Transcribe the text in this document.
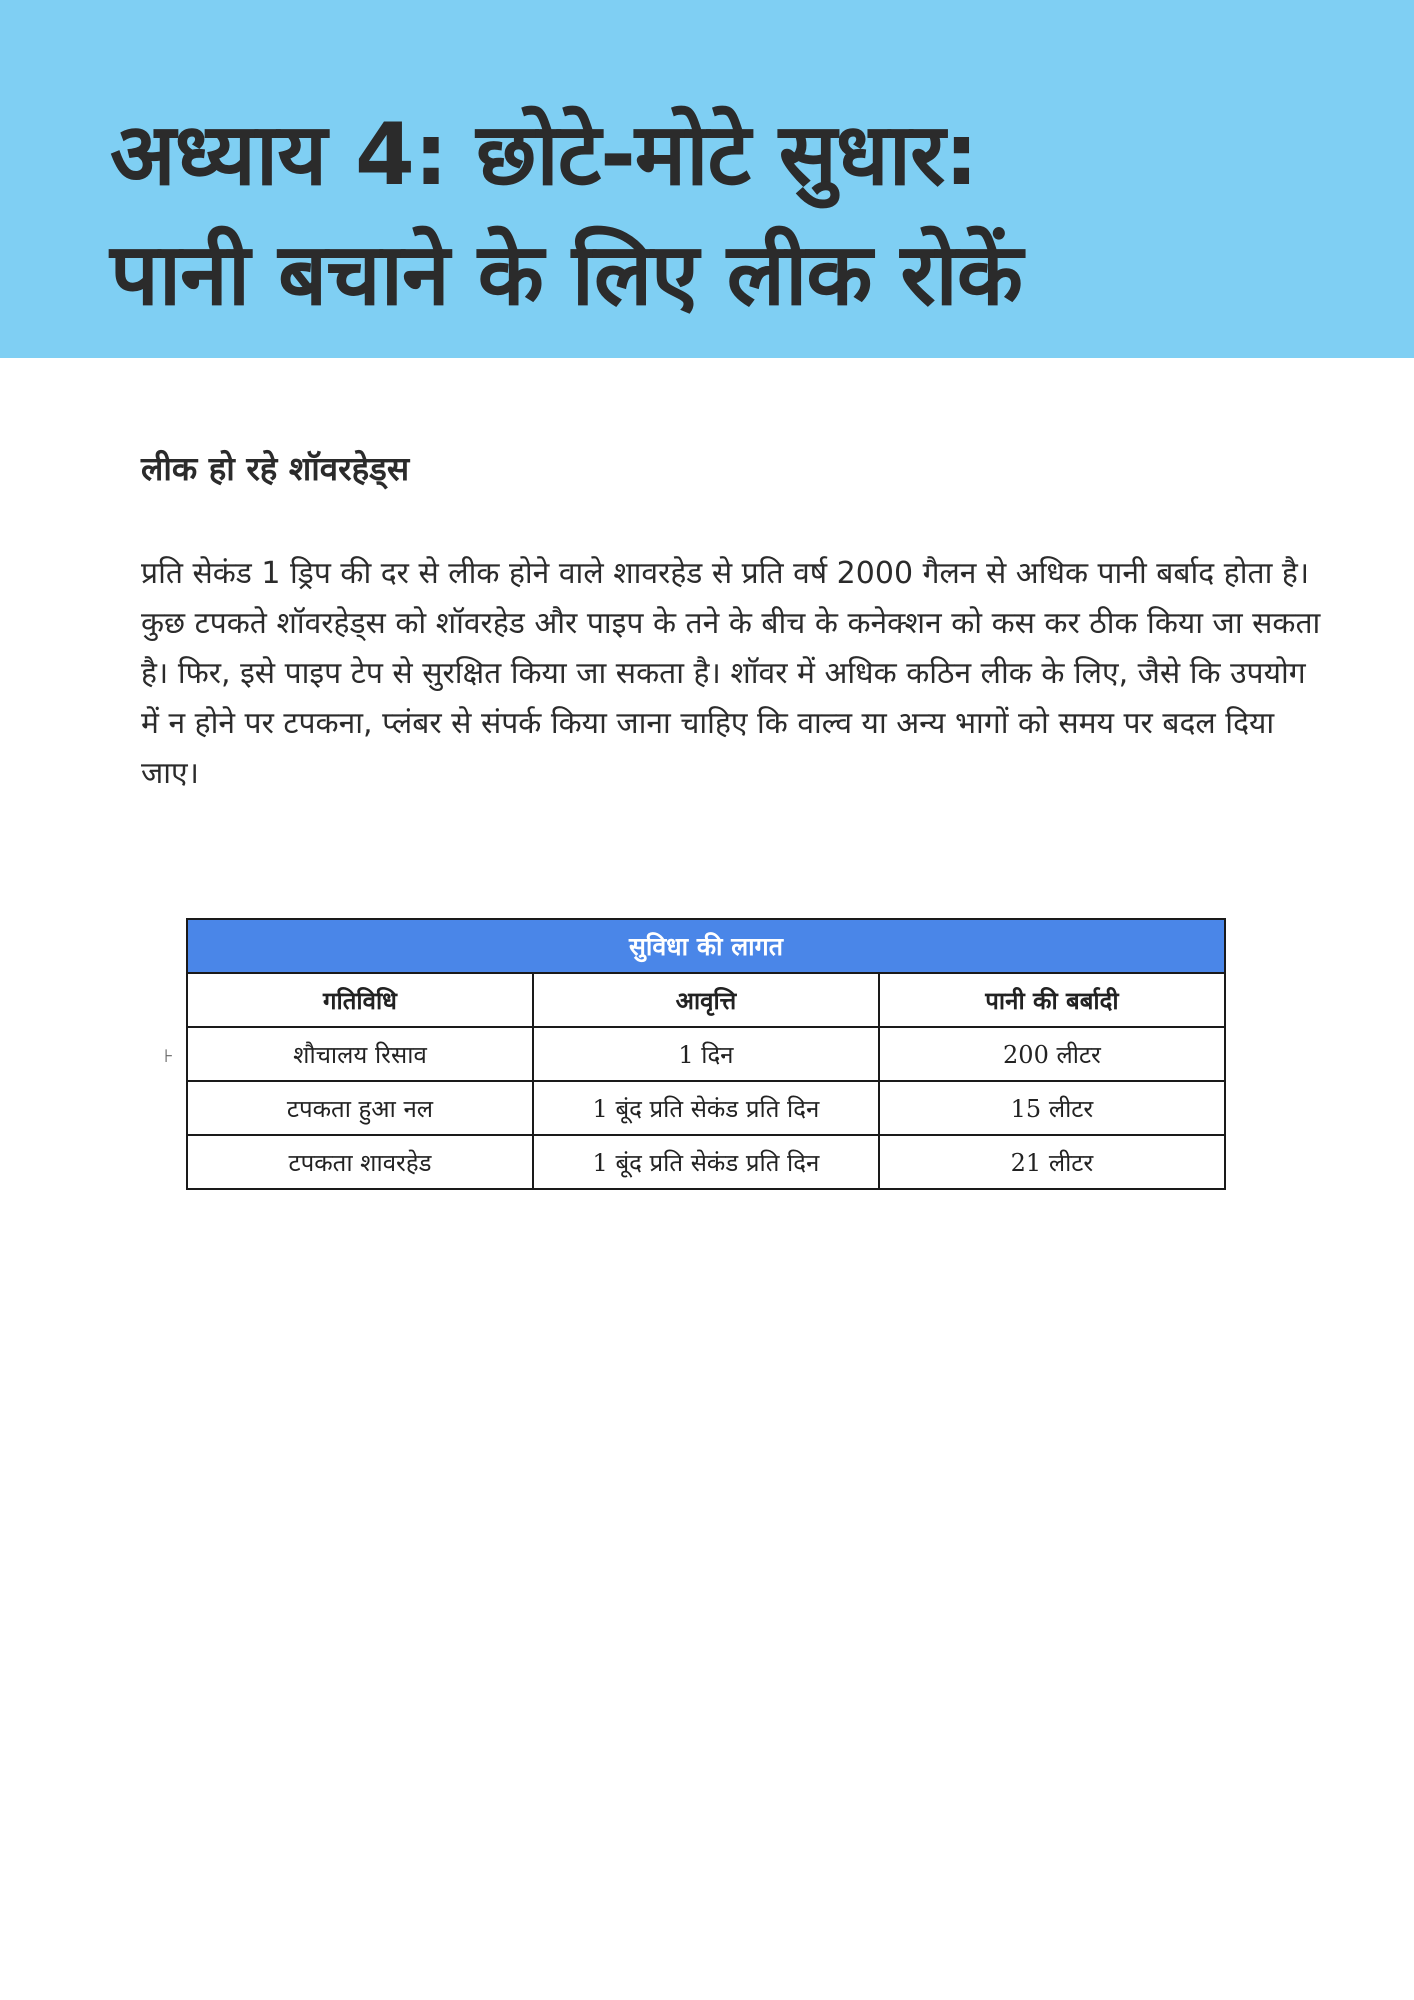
अध्याय 4: छोटे-मोटे सुधार:
पानी बचाने के लिए लीक रोकें
लीक हो रहे शॉवरहेड्स

प्रति सेकंड 1 ड्रिप की दर से लीक होने वाले शावरहेड से प्रति वर्ष 2000 गैलन से अधिक पानी बर्बाद होता है। कुछ टपकते शॉवरहेड्स को शॉवरहेड और पाइप के तने के बीच के कनेक्शन को कस कर ठीक किया जा सकता है। फिर, इसे पाइप टेप से सुरक्षित किया जा सकता है। शॉवर में अधिक कठिन लीक के लिए, जैसे कि उपयोग में न होने पर टपकना, प्लंबर से संपर्क किया जाना चाहिए कि वाल्व या अन्य भागों को समय पर बदल दिया जाए।

⊦
सुविधा की लागत		
गतिविधि	आवृत्ति	पानी की बर्बादी
शौचालय रिसाव	1 दिन	200 लीटर
टपकता हुआ नल	1 बूंद प्रति सेकंड प्रति दिन	15 लीटर
टपकता शावरहेड	1 बूंद प्रति सेकंड प्रति दिन	21 लीटर
